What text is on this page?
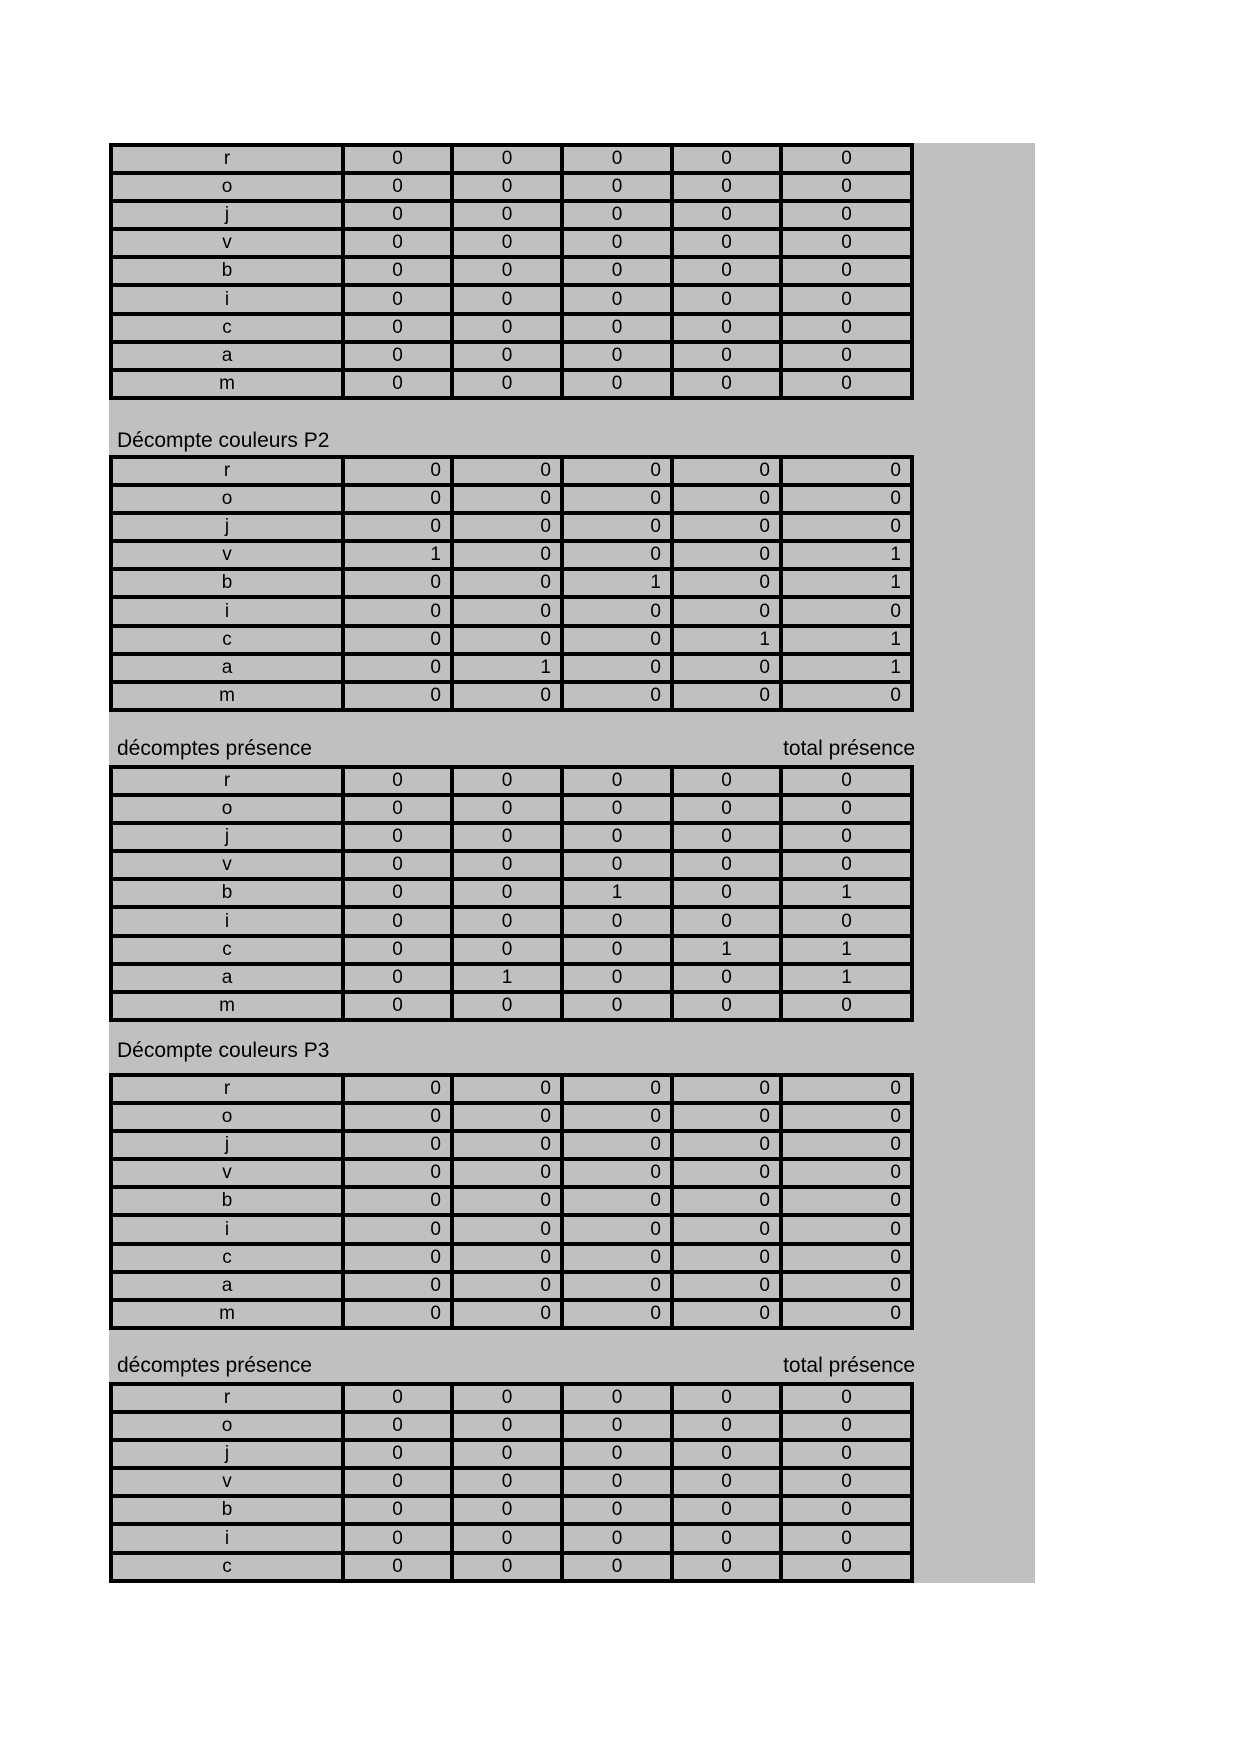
r	0	0	0	0	0
o	0	0	0	0	0
j	0	0	0	0	0
v	0	0	0	0	0
b	0	0	0	0	0
i	0	0	0	0	0
c	0	0	0	0	0
a	0	0	0	0	0
m	0	0	0	0	0
Décompte couleurs P2
r	0	0	0	0	0
o	0	0	0	0	0
j	0	0	0	0	0
v	1	0	0	0	1
b	0	0	1	0	1
i	0	0	0	0	0
c	0	0	0	1	1
a	0	1	0	0	1
m	0	0	0	0	0
décomptes présence	total présence
r	0	0	0	0	0
o	0	0	0	0	0
j	0	0	0	0	0
v	0	0	0	0	0
b	0	0	1	0	1
i	0	0	0	0	0
c	0	0	0	1	1
a	0	1	0	0	1
m	0	0	0	0	0
Décompte couleurs P3
r	0	0	0	0	0
o	0	0	0	0	0
j	0	0	0	0	0
v	0	0	0	0	0
b	0	0	0	0	0
i	0	0	0	0	0
c	0	0	0	0	0
a	0	0	0	0	0
m	0	0	0	0	0
décomptes présence	total présence
r	0	0	0	0	0
o	0	0	0	0	0
j	0	0	0	0	0
v	0	0	0	0	0
b	0	0	0	0	0
i	0	0	0	0	0
c	0	0	0	0	0
